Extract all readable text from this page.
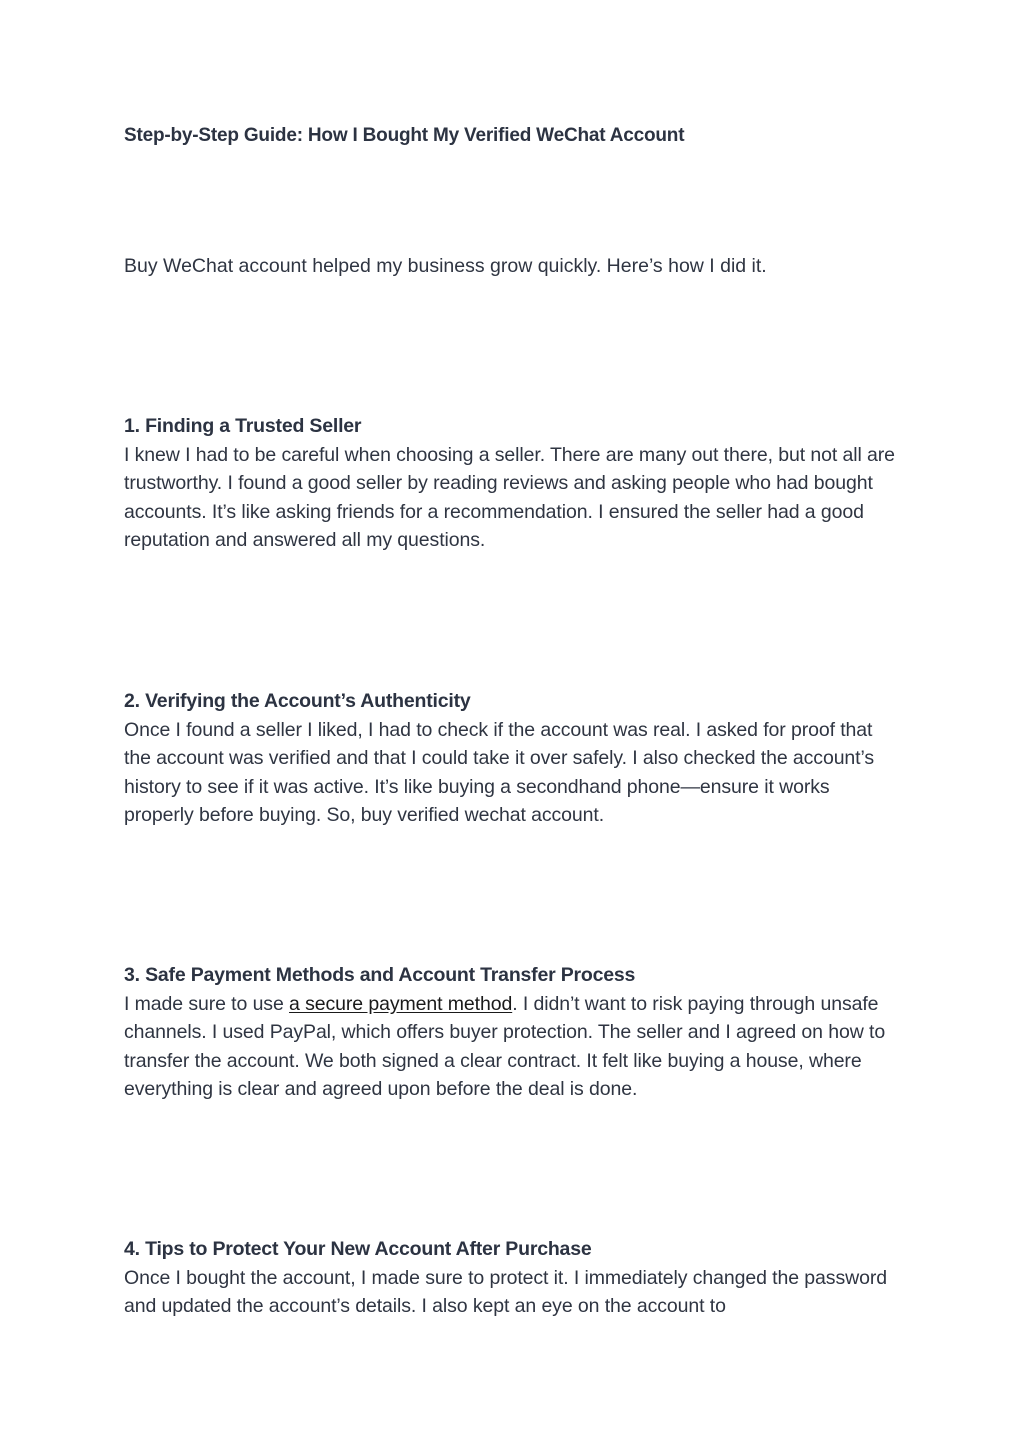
Step-by-Step Guide: How I Bought My Verified WeChat Account

Buy WeChat account helped my business grow quickly. Here’s how I did it.

1. Finding a Trusted Seller

I knew I had to be careful when choosing a seller. There are many out there, but not all are trustworthy. I found a good seller by reading reviews and asking people who had bought accounts. It’s like asking friends for a recommendation. I ensured the seller had a good reputation and answered all my questions.

2. Verifying the Account’s Authenticity

Once I found a seller I liked, I had to check if the account was real. I asked for proof that the account was verified and that I could take it over safely. I also checked the account’s history to see if it was active. It’s like buying a secondhand phone—ensure it works properly before buying. So, buy verified wechat account.

3. Safe Payment Methods and Account Transfer Process

I made sure to use a secure payment method. I didn’t want to risk paying through unsafe channels. I used PayPal, which offers buyer protection. The seller and I agreed on how to transfer the account. We both signed a clear contract. It felt like buying a house, where everything is clear and agreed upon before the deal is done.

4. Tips to Protect Your New Account After Purchase

Once I bought the account, I made sure to protect it. I immediately changed the password and updated the account’s details. I also kept an eye on the account to
